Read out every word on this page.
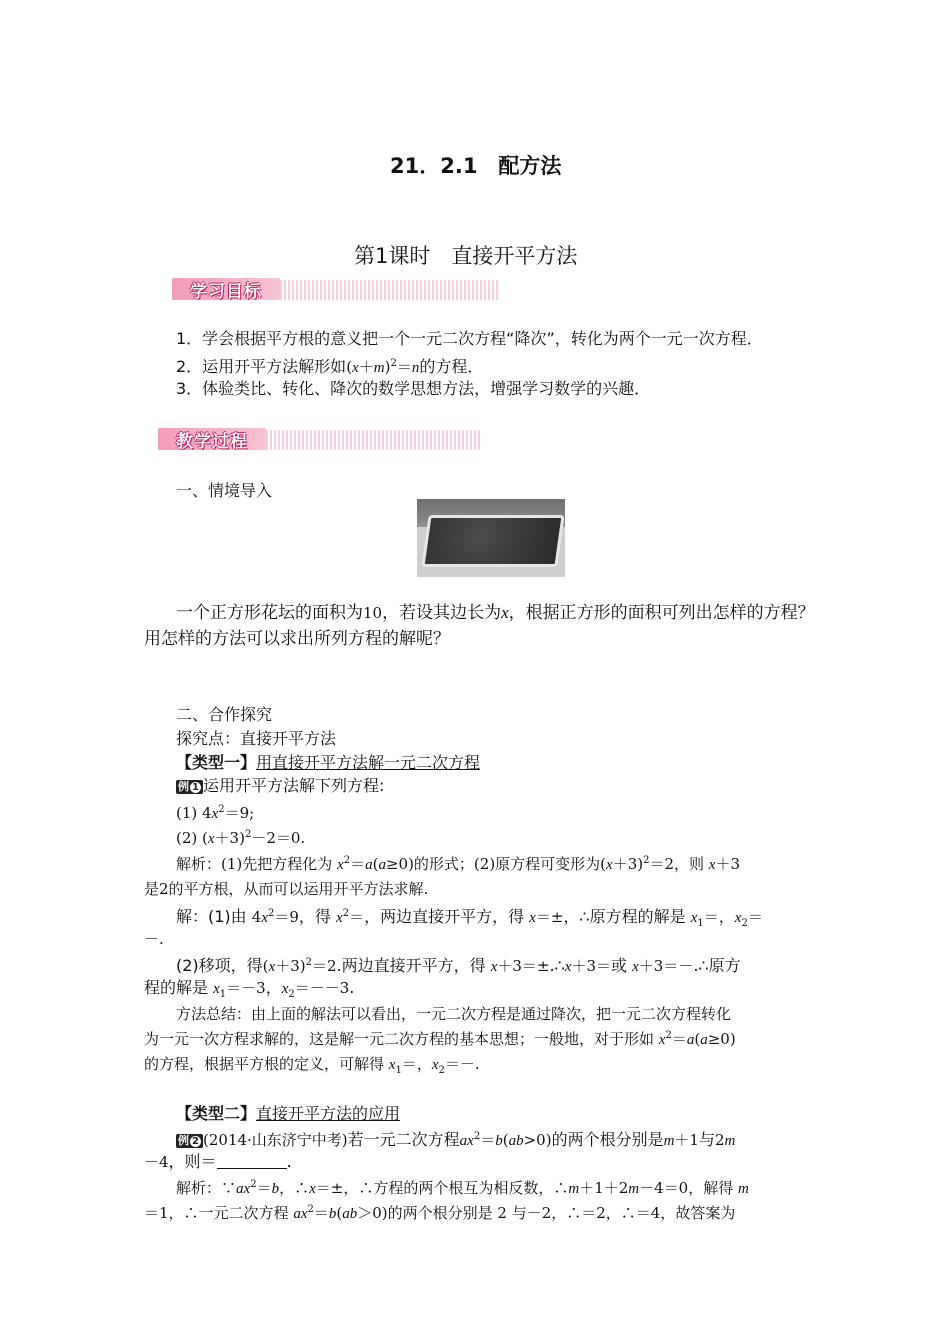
21．2.1　配方法
第1课时　直接开平方法
学习目标
1．学会根据平方根的意义把一个一元二次方程“降次”，转化为两个一元一次方程．
2．运用开平方法解形如$(x+m)^2=n$的方程．
3．体验类比、转化、降次的数学思想方法，增强学习数学的兴趣．
教学过程
一、情境导入
一个正方形花坛的面积为10，若设其边长为x，根据正方形的面积可列出怎样的方程？
用怎样的方法可以求出所列方程的解呢？
二、合作探究
探究点：直接开平方法
【类型一】用直接开平方法解一元二次方程
例 1 运用开平方法解下列方程:
(1) $4x^2=9$;
(2) $(x+3)^2-2=0$.
解析：(1)先把方程化为 $x^2=a(a\ge 0)$的形式；(2)原方程可变形为$(x+3)^2=2$，则 x＋3
是2的平方根，从而可以运用开平方法求解.
解：(1)由 $4x^2=9$，得 $x^2=$，两边直接开平方，得 x＝±，∴原方程的解是 $x_1=$，$x_2=$
－.
(2)移项，得$(x+3)^2=2$.两边直接开平方，得 x＋3＝±.∴x＋3＝或 x＋3＝－.∴原方
程的解是 $x_1=-3$，$x_2=--3$.
方法总结：由上面的解法可以看出，一元二次方程是通过降次，把一元二次方程转化
为一元一次方程求解的，这是解一元二次方程的基本思想；一般地，对于形如 $x^2=a(a\ge 0)$
的方程，根据平方根的定义，可解得 $x_1=$，$x_2=-$.
【类型二】直接开平方法的应用
例 2 (2014·山东济宁中考)若一元二次方程$ax^2=b(ab>0)$的两个根分别是m＋1与2m
－4，则＝	.
解析：$\because ax^2=b$，∴x＝±，∴方程的两个根互为相反数，∴m＋1＋2m－4＝0，解得 m
＝1，∴一元二次方程 $ax^2=b(ab>0)$的两个根分别是 2 与－2，∴＝2，∴＝4，故答案为
